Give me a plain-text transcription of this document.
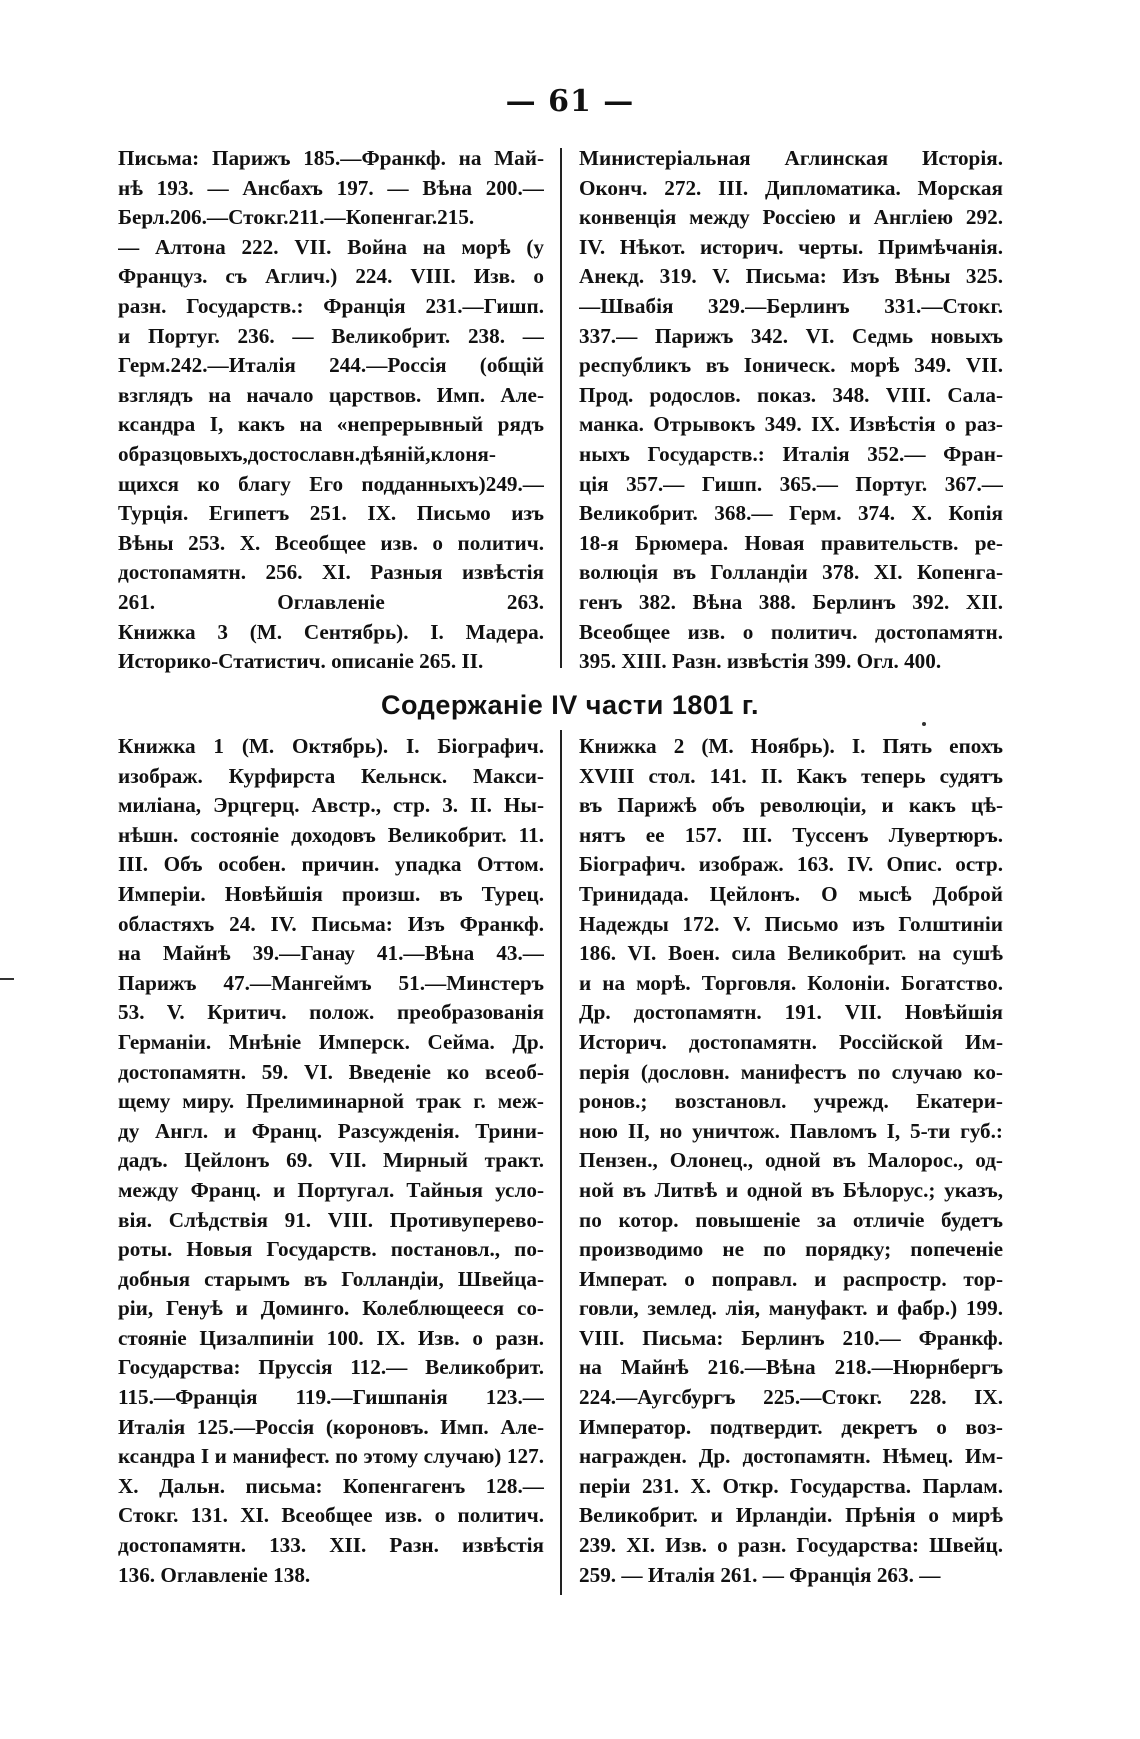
— 61 —
Письма: Парижъ 185.—Франкф. на Май-
нѣ 193. — Ансбахъ 197. — Вѣна 200.—
Берл.206.—Стокг.211.—Копенгаг.215.
— Алтона 222. VII. Война на морѣ (у
Француз. съ Аглич.) 224. VIII. Изв. о
разн. Государств.: Франція 231.—Гишп.
и Португ. 236. — Великобрит. 238. —
Герм.242.—Италія 244.—Россія (общій
взглядъ на начало царствов. Имп. Але-
ксандра I, какъ на «непрерывный рядъ
образцовыхъ,достославн.дѣяній,клоня-
щихся ко благу Его подданныхъ)249.—
Турція. Египетъ 251. IX. Письмо изъ
Вѣны 253. X. Всеобщее изв. о политич.
достопамятн. 256. XI. Разныя извѣстія
261. Оглавленіе 263.
Книжка 3 (М. Сентябрь). I. Мадера.
Историко-Статистич. описаніе 265. II.
Министеріальная Аглинская Исторія.
Оконч. 272. III. Дипломатика. Морская
конвенція между Россіею и Англіею 292.
IV. Нѣкот. историч. черты. Примѣчанія.
Анекд. 319. V. Письма: Изъ Вѣны 325.
—Швабія 329.—Берлинъ 331.—Стокг.
337.— Парижъ 342. VI. Седмь новыхъ
республикъ въ Іоническ. морѣ 349. VII.
Прод. родослов. показ. 348. VIII. Сала-
манка. Отрывокъ 349. IX. Извѣстія о раз-
ныхъ Государств.: Италія 352.— Фран-
ція 357.— Гишп. 365.— Португ. 367.—
Великобрит. 368.— Герм. 374. X. Копія
18-я Брюмера. Новая правительств. ре-
волюція въ Голландіи 378. XI. Копенга-
генъ 382. Вѣна 388. Берлинъ 392. XII.
Всеобщее изв. о политич. достопамятн.
395. XIII. Разн. извѣстія 399. Огл. 400.
Содержаніе IV части 1801 г.
Книжка 1 (М. Октябрь). I. Біографич.
изображ. Курфирста Кельнск. Макси-
миліана, Эрцгерц. Австр., стр. 3. II. Ны-
нѣшн. состояніе доходовъ Великобрит. 11.
III. Объ особен. причин. упадка Оттом.
Имперіи. Новѣйшія произш. въ Турец.
областяхъ 24. IV. Письма: Изъ Франкф.
на Майнѣ 39.—Ганау 41.—Вѣна 43.—
Парижъ 47.—Мангеймъ 51.—Минстеръ
53. V. Критич. полож. преобразованія
Германіи. Мнѣніе Имперск. Сейма. Др.
достопамятн. 59. VI. Введеніе ко всеоб-
щему миру. Прелиминарной трак г. меж-
ду Англ. и Франц. Разсужденія. Трини-
дадъ. Цейлонъ 69. VII. Мирный тракт.
между Франц. и Португал. Тайныя усло-
вія. Слѣдствія 91. VIII. Противуперево-
роты. Новыя Государств. постановл., по-
добныя старымъ въ Голландіи, Швейца-
ріи, Генуѣ и Доминго. Колеблющееся со-
стояніе Цизалпиніи 100. IX. Изв. о разн.
Государства: Пруссія 112.— Великобрит.
115.—Франція 119.—Гишпанія 123.—
Италія 125.—Россія (короновъ. Имп. Але-
ксандра I и манифест. по этому случаю) 127.
X. Дальн. письма: Копенгагенъ 128.—
Стокг. 131. XI. Всеобщее изв. о политич.
достопамятн. 133. XII. Разн. извѣстія
136. Оглавленіе 138.
Книжка 2 (М. Ноябрь). I. Пять епохъ
XVIII стол. 141. II. Какъ теперь судятъ
въ Парижѣ объ революціи, и какъ цѣ-
нятъ ее 157. III. Туссенъ Лувертюръ.
Біографич. изображ. 163. IV. Опис. остр.
Тринидада. Цейлонъ. О мысѣ Доброй
Надежды 172. V. Письмо изъ Голштиніи
186. VI. Воен. сила Великобрит. на сушѣ
и на морѣ. Торговля. Колоніи. Богатство.
Др. достопамятн. 191. VII. Новѣйшія
Историч. достопамятн. Россійской Им-
перія (дословн. манифестъ по случаю ко-
ронов.; возстановл. учрежд. Екатери-
ною II, но уничтож. Павломъ I, 5-ти губ.:
Пензен., Олонец., одной въ Малорос., од-
ной въ Литвѣ и одной въ Бѣлорус.; указъ,
по котор. повышеніе за отличіе будетъ
производимо не по порядку; попеченіе
Императ. о поправл. и распростр. тор-
говли, землед. лія, мануфакт. и фабр.) 199.
VIII. Письма: Берлинъ 210.— Франкф.
на Майнѣ 216.—Вѣна 218.—Нюрнбергъ
224.—Аугсбургъ 225.—Стокг. 228. IX.
Император. подтвердит. декретъ о воз-
награжден. Др. достопамятн. Нѣмец. Им-
періи 231. X. Откр. Государства. Парлам.
Великобрит. и Ирландіи. Прѣнія о мирѣ
239. XI. Изв. о разн. Государства: Швейц.
259. — Италія 261. — Франція 263. —
